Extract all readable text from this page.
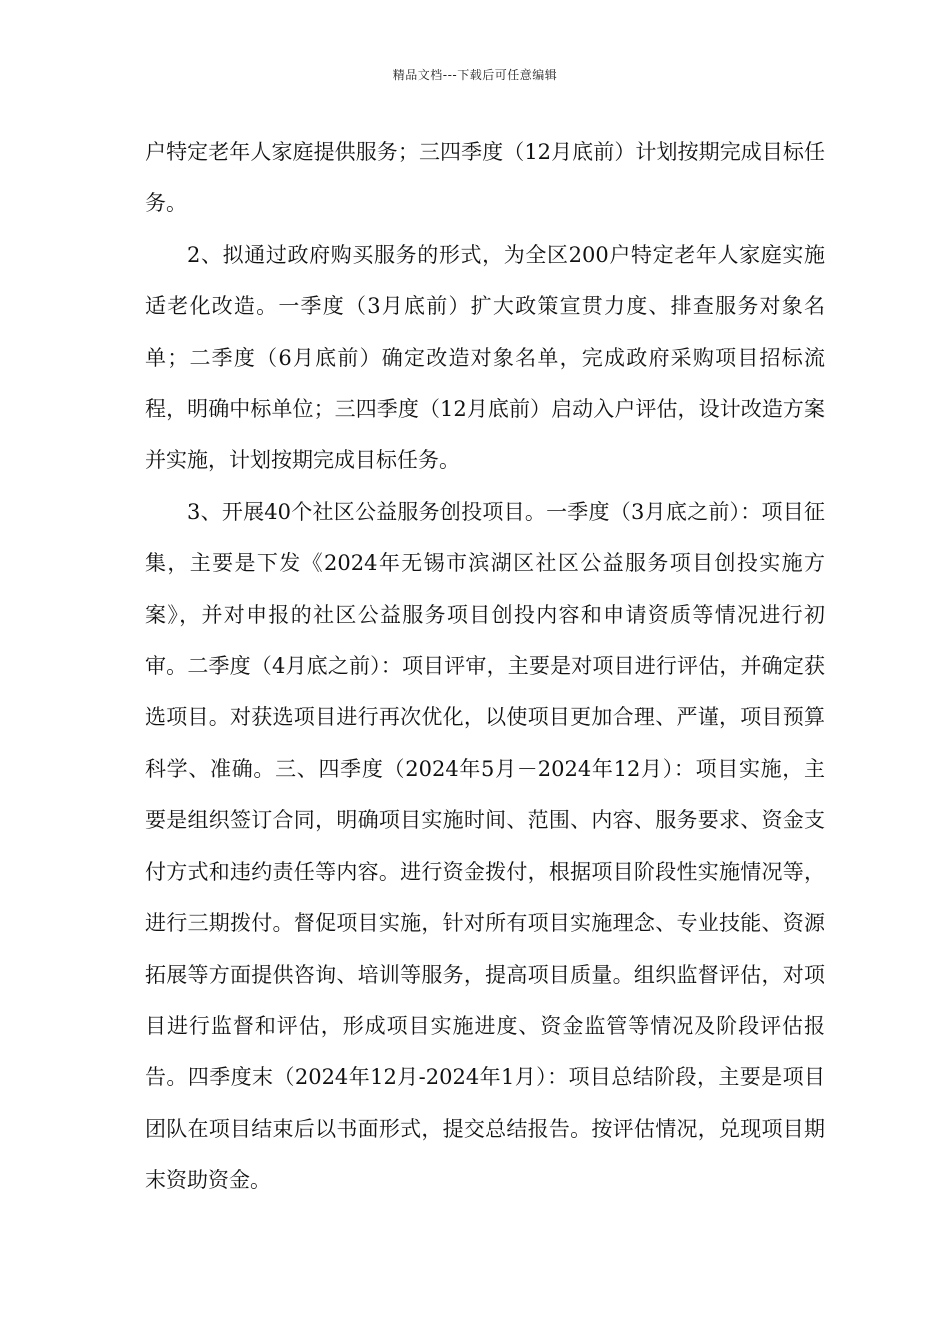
精品文档---下载后可任意编辑

户特定老年人家庭提供服务；三四季度（12月底前）计划按期完成目标任务。

2、拟通过政府购买服务的形式，为全区200户特定老年人家庭实施适老化改造。一季度（3月底前）扩大政策宣贯力度、排查服务对象名单；二季度（6月底前）确定改造对象名单，完成政府采购项目招标流程，明确中标单位；三四季度（12月底前）启动入户评估，设计改造方案并实施，计划按期完成目标任务。

3、开展40个社区公益服务创投项目。一季度（3月底之前）：项目征集，主要是下发《2024年无锡市滨湖区社区公益服务项目创投实施方案》，并对申报的社区公益服务项目创投内容和申请资质等情况进行初审。二季度（4月底之前）：项目评审，主要是对项目进行评估，并确定获选项目。对获选项目进行再次优化，以使项目更加合理、严谨，项目预算科学、准确。三、四季度（2024年5月－2024年12月）：项目实施，主要是组织签订合同，明确项目实施时间、范围、内容、服务要求、资金支付方式和违约责任等内容。进行资金拨付，根据项目阶段性实施情况等，进行三期拨付。督促项目实施，针对所有项目实施理念、专业技能、资源拓展等方面提供咨询、培训等服务，提高项目质量。组织监督评估，对项目进行监督和评估，形成项目实施进度、资金监管等情况及阶段评估报告。四季度末（2024年12月-2024年1月）：项目总结阶段，主要是项目团队在项目结束后以书面形式，提交总结报告。按评估情况，兑现项目期末资助资金。
